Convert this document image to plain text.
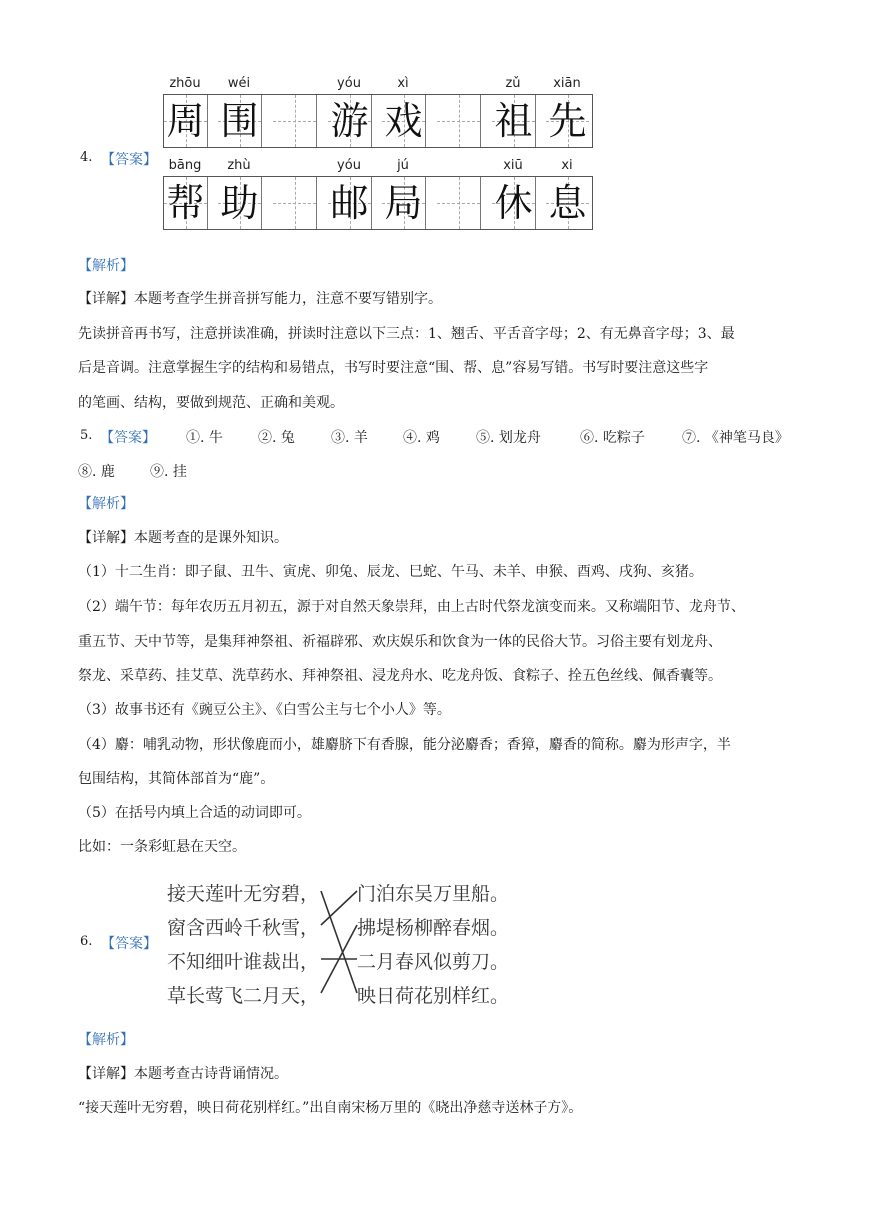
zhōu	wéi	yóu	xì	zǔ	xiān
周 围 游 戏 祖 先
4. 【答案】 bāng	zhù	yóu	jú	xiū	xi
帮 助 邮 局 休 息
【解析】
【详解】本题考查学生拼音拼写能力，注意不要写错别字。
先读拼音再书写，注意拼读准确，拼读时注意以下三点：1、翘舌、平舌音字母；2、有无鼻音字母；3、最
后是音调。注意掌握生字的结构和易错点，书写时要注意“围、帮、息”容易写错。书写时要注意这些字
的笔画、结构，要做到规范、正确和美观。
5. 【答案】 ①. 牛	②. 兔	③. 羊	④. 鸡	⑤. 划龙舟	⑥. 吃粽子	⑦. 《神笔马良》
⑧. 鹿	⑨. 挂
【解析】
【详解】本题考查的是课外知识。
（1）十二生肖：即子鼠、丑牛、寅虎、卯兔、辰龙、巳蛇、午马、未羊、申猴、酉鸡、戌狗、亥猪。
（2）端午节：每年农历五月初五，源于对自然天象崇拜，由上古时代祭龙演变而来。又称端阳节、龙舟节、
重五节、天中节等，是集拜神祭祖、祈福辟邪、欢庆娱乐和饮食为一体的民俗大节。习俗主要有划龙舟、
祭龙、采草药、挂艾草、洗草药水、拜神祭祖、浸龙舟水、吃龙舟饭、食粽子、拴五色丝线、佩香囊等。
（3）故事书还有《豌豆公主》、《白雪公主与七个小人》等。
（4）麝：哺乳动物，形状像鹿而小，雄麝脐下有香腺，能分泌麝香；香獐，麝香的简称。麝为形声字，半
包围结构，其简体部首为“鹿”。
（5）在括号内填上合适的动词即可。
比如：一条彩虹悬在天空。
6. 【答案】
接天莲叶无穷碧，
窗含西岭千秋雪，
不知细叶谁裁出，
草长莺飞二月天，
门泊东吴万里船。
拂堤杨柳醉春烟。
二月春风似剪刀。
映日荷花别样红。
【解析】
【详解】本题考查古诗背诵情况。
“接天莲叶无穷碧，映日荷花别样红。”出自南宋杨万里的《晓出净慈寺送林子方》。
